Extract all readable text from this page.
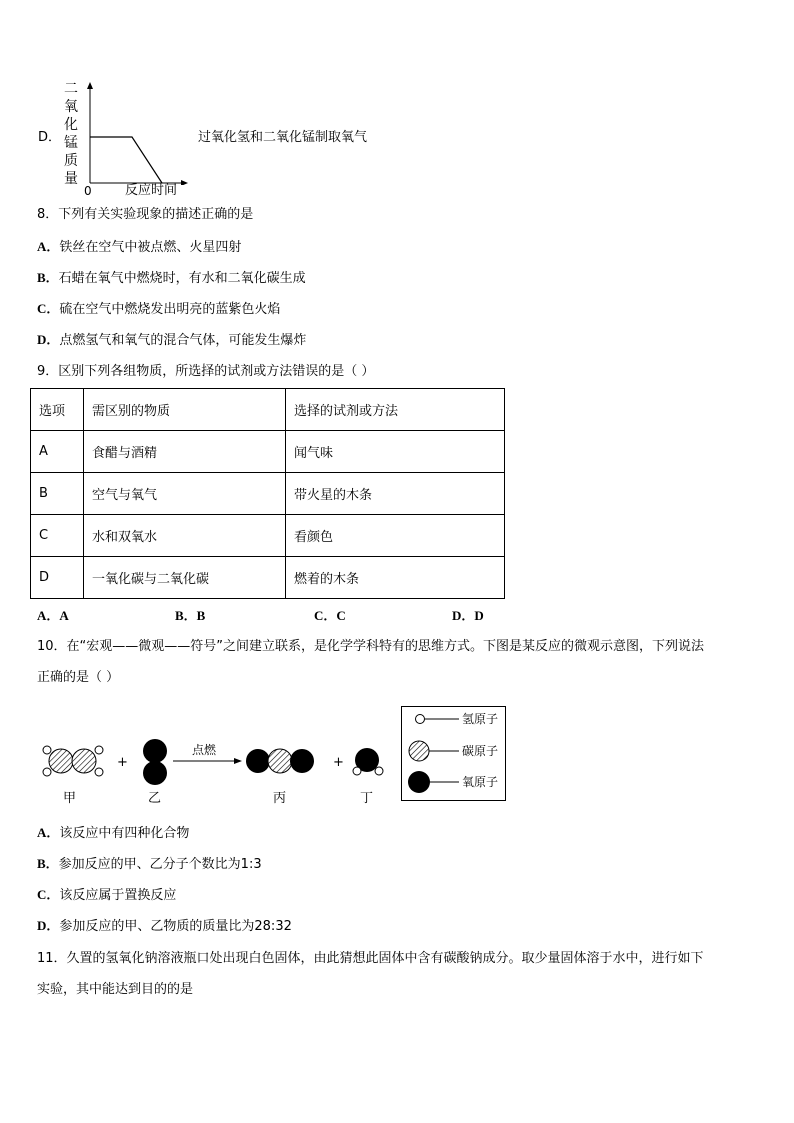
D．
二氧化锰质量
0	反应时间
过氧化氢和二氧化锰制取氧气
8．下列有关实验现象的描述正确的是
A．铁丝在空气中被点燃、火星四射
B．石蜡在氧气中燃烧时，有水和二氧化碳生成
C．硫在空气中燃烧发出明亮的蓝紫色火焰
D．点燃氢气和氧气的混合气体，可能发生爆炸
9．区别下列各组物质，所选择的试剂或方法错误的是（ ）
选项	需区别的物质	选择的试剂或方法
A	食醋与酒精	闻气味
B	空气与氧气	带火星的木条
C	水和双氧水	看颜色
D	一氧化碳与二氧化碳	燃着的木条
A．A	B．B	C．C	D．D
10．在“宏观——微观——符号”之间建立联系，是化学学科特有的思维方式。下图是某反应的微观示意图，下列说法
正确的是（ ）
+
点燃
+
甲	乙	丙	丁
氢原子
碳原子
氧原子
A．该反应中有四种化合物
B．参加反应的甲、乙分子个数比为1:3
C．该反应属于置换反应
D．参加反应的甲、乙物质的质量比为28:32
11．久置的氢氧化钠溶液瓶口处出现白色固体，由此猜想此固体中含有碳酸钠成分。取少量固体溶于水中，进行如下
实验，其中能达到目的的是
